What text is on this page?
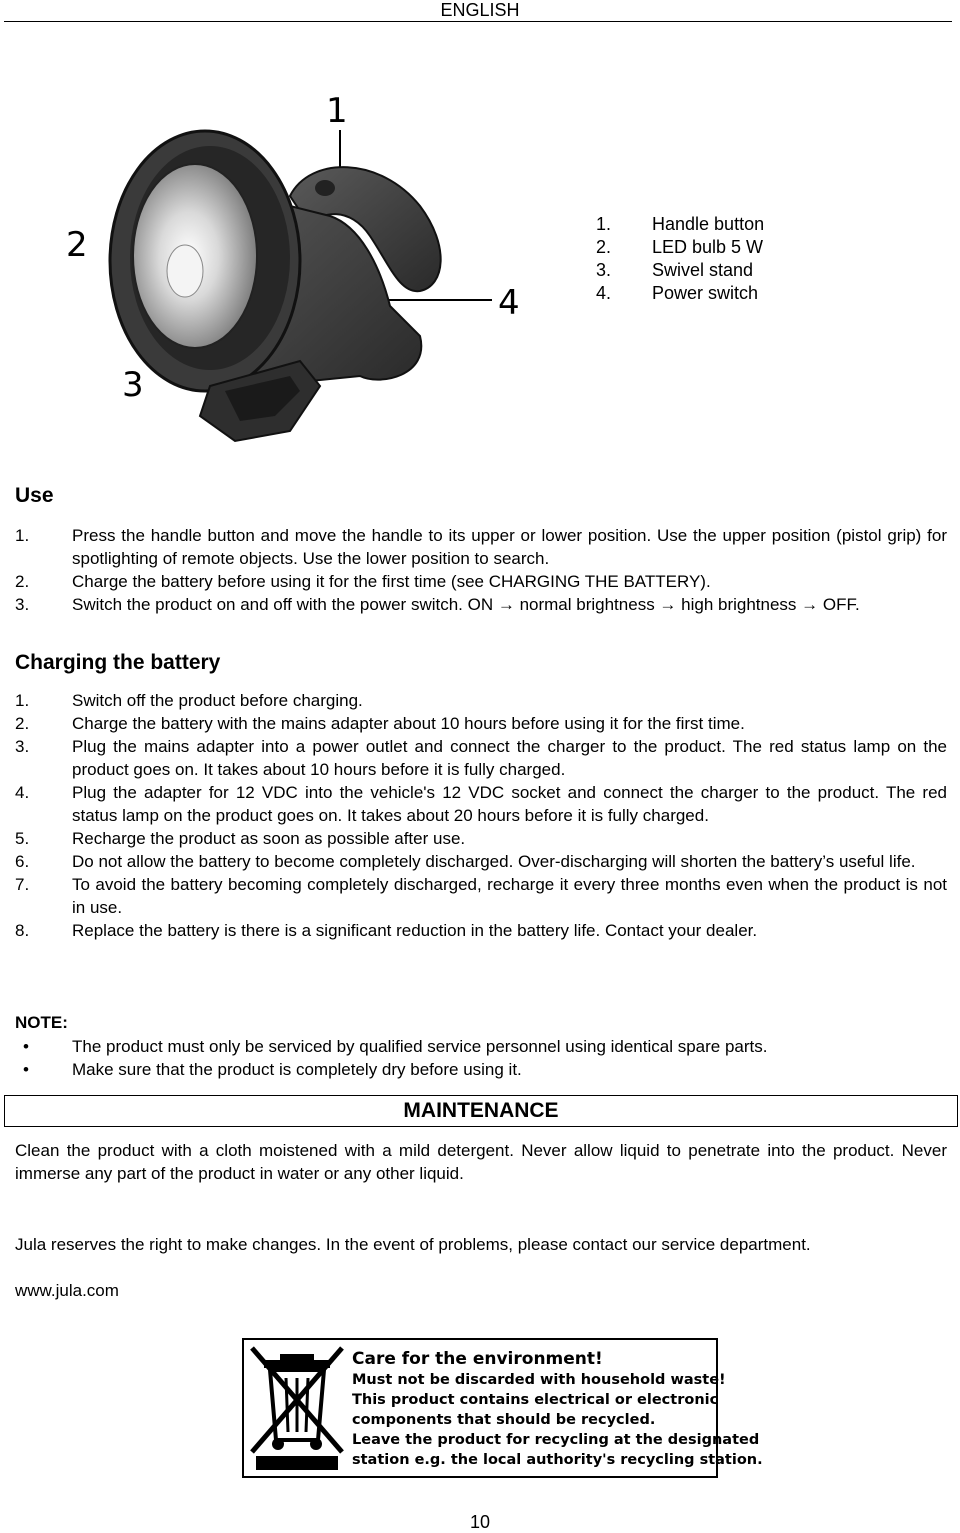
ENGLISH
1
2
3
4
1. Handle button
2. LED bulb 5 W
3. Swivel stand
4. Power switch
Use
1.	Press the handle button and move the handle to its upper or lower position. Use the upper position (pistol grip) for spotlighting of remote objects. Use the lower position to search.
2.	Charge the battery before using it for the first time (see CHARGING THE BATTERY).
3.	Switch the product on and off with the power switch. ON → normal brightness → high brightness → OFF.
Charging the battery
1.	Switch off the product before charging.
2.	Charge the battery with the mains adapter about 10 hours before using it for the first time.
3.	Plug the mains adapter into a power outlet and connect the charger to the product. The red status lamp on the product goes on. It takes about 10 hours before it is fully charged.
4.	Plug the adapter for 12 VDC into the vehicle's 12 VDC socket and connect the charger to the product. The red status lamp on the product goes on. It takes about 20 hours before it is fully charged.
5.	Recharge the product as soon as possible after use.
6.	Do not allow the battery to become completely discharged. Over-discharging will shorten the battery’s useful life.
7.	To avoid the battery becoming completely discharged, recharge it every three months even when the product is not in use.
8.	Replace the battery is there is a significant reduction in the battery life. Contact your dealer.
NOTE:
•	The product must only be serviced by qualified service personnel using identical spare parts.
•	Make sure that the product is completely dry before using it.
MAINTENANCE
Clean the product with a cloth moistened with a mild detergent. Never allow liquid to penetrate into the product. Never immerse any part of the product in water or any other liquid.
Jula reserves the right to make changes. In the event of problems, please contact our service department.
www.jula.com
Care for the environment!
Must not be discarded with household waste!
This product contains electrical or electronic
components that should be recycled.
Leave the product for recycling at the designated
station e.g. the local authority's recycling station.
10
